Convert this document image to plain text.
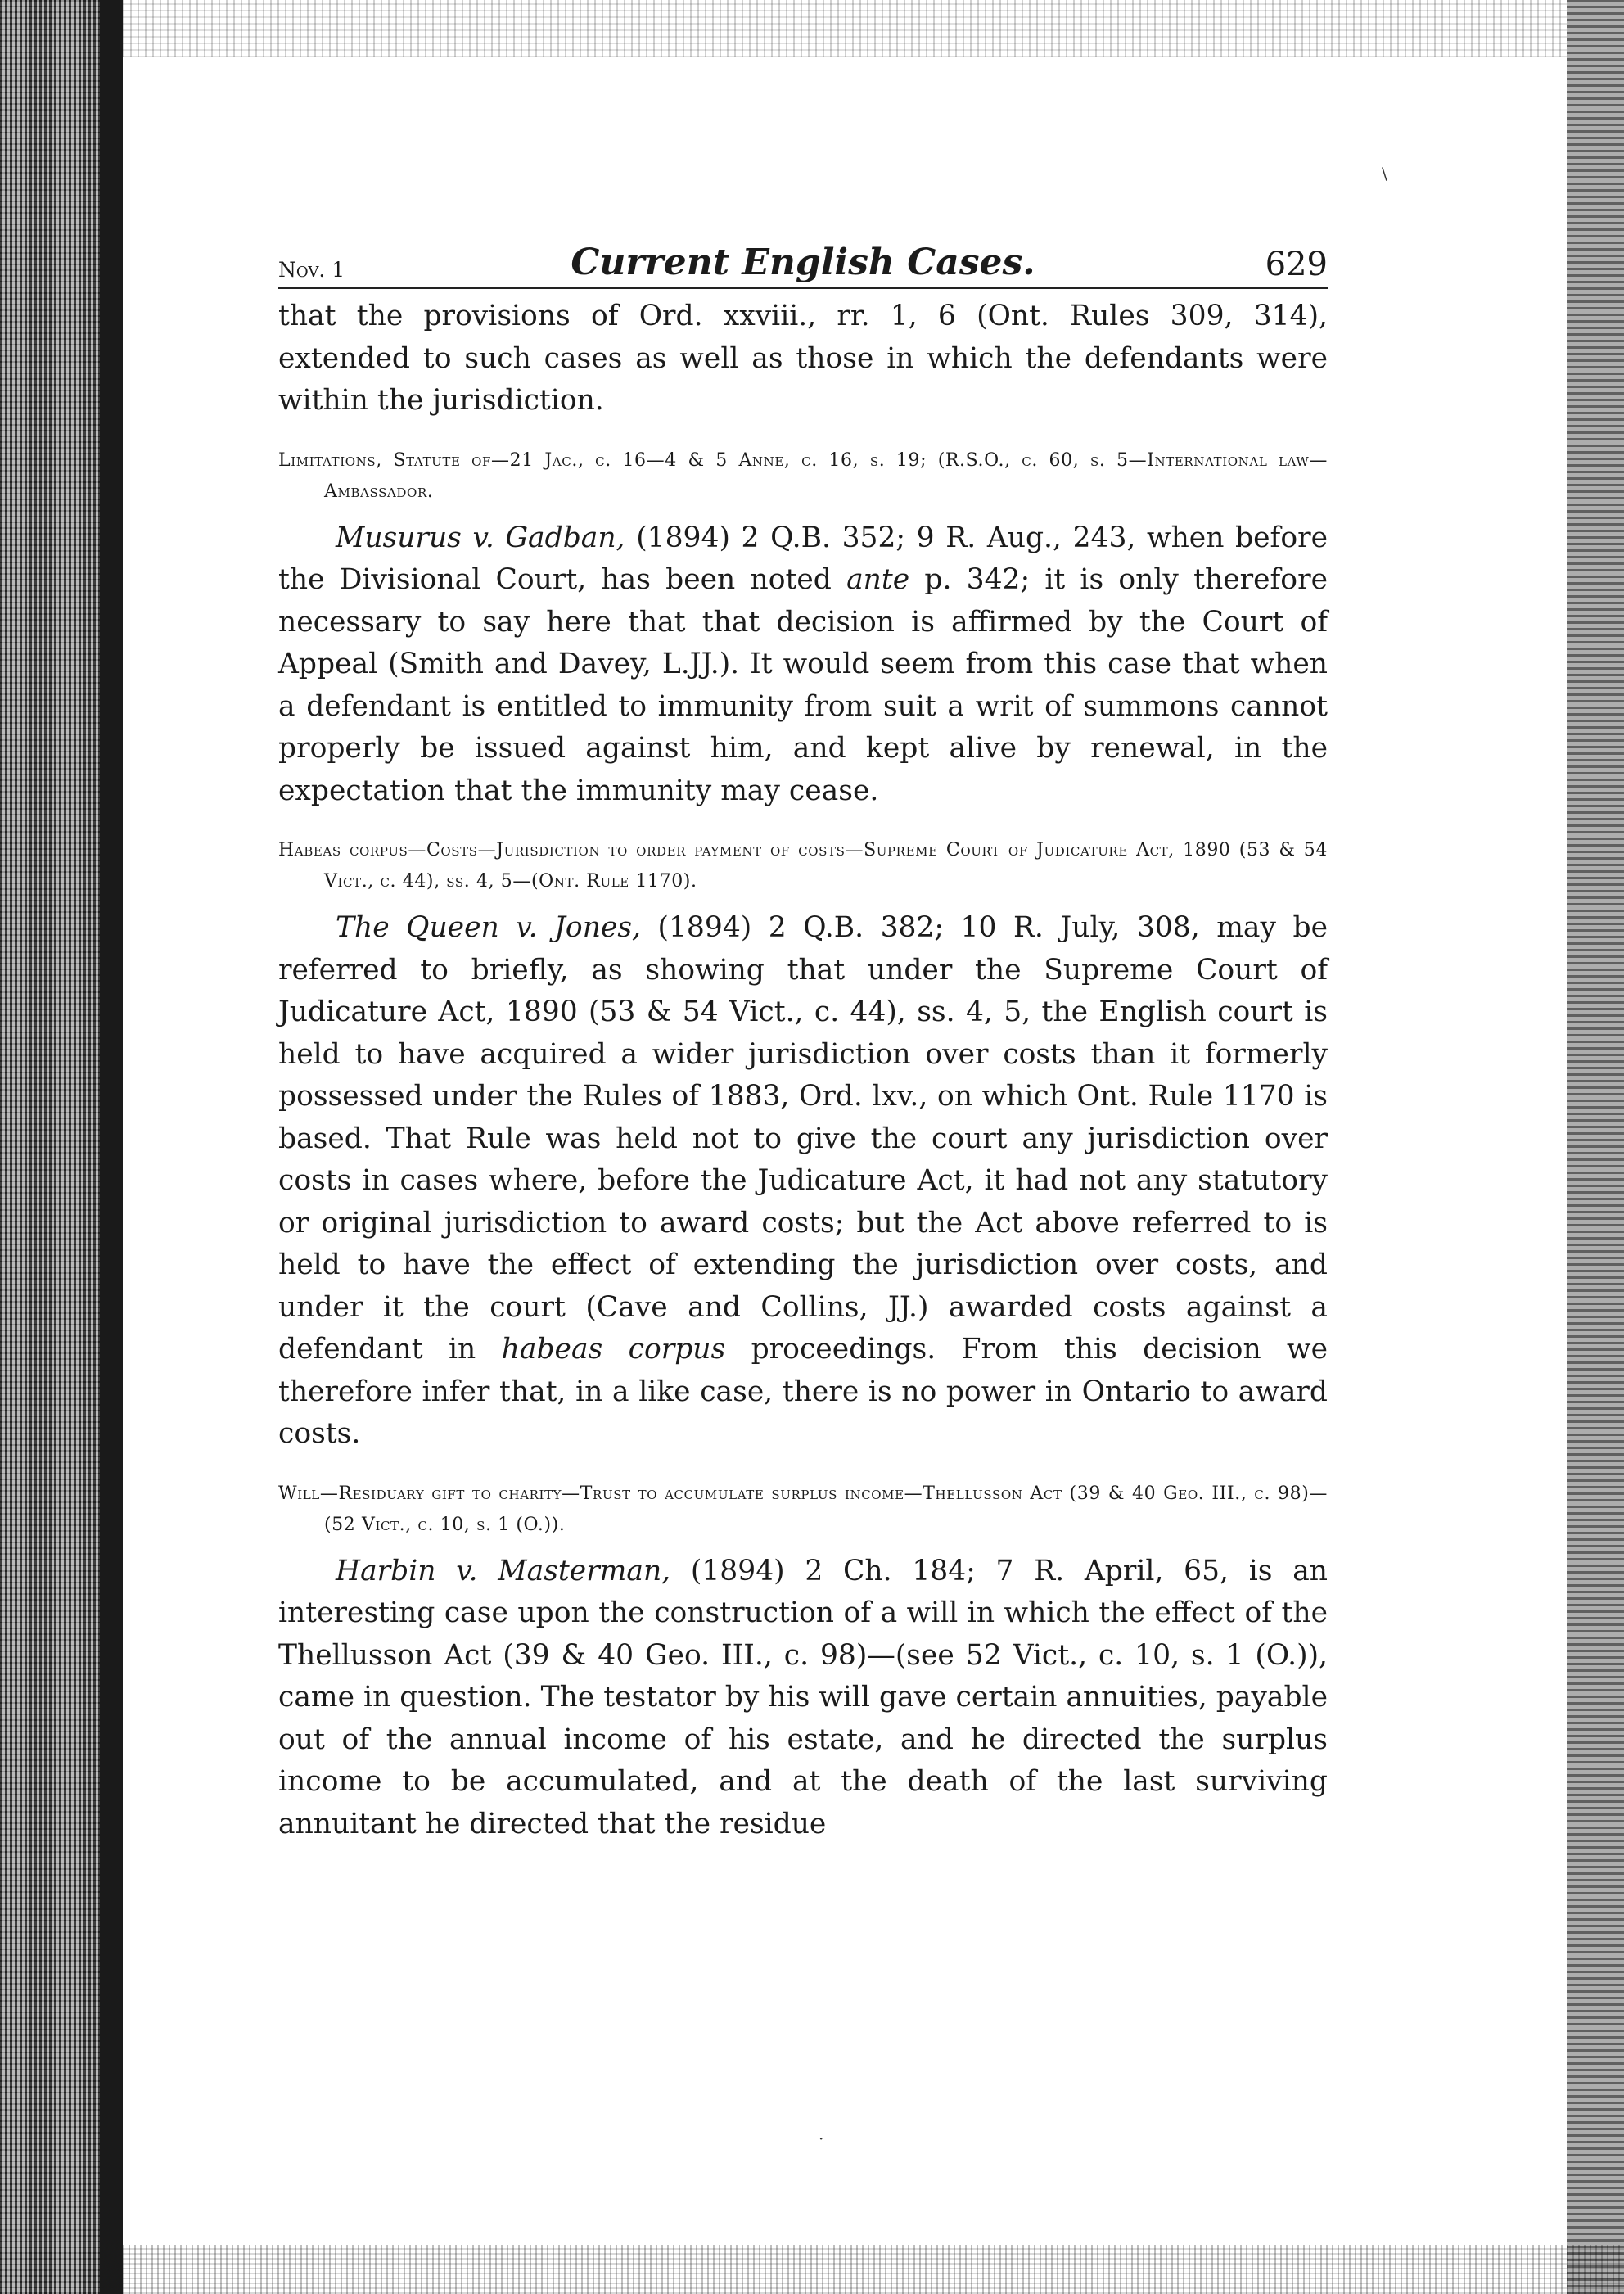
\
·
Nov. 1	Current English Cases.	629

that the provisions of Ord. xxviii., rr. 1, 6 (Ont. Rules 309, 314), extended to such cases as well as those in which the defendants were within the jurisdiction.

Limitations, Statute of—21 Jac., c. 16—4 & 5 Anne, c. 16, s. 19; (R.S.O., c. 60, s. 5—International law—Ambassador.

Musurus v. Gadban, (1894) 2 Q.B. 352; 9 R. Aug., 243, when before the Divisional Court, has been noted ante p. 342; it is only therefore necessary to say here that that decision is affirmed by the Court of Appeal (Smith and Davey, L.JJ.). It would seem from this case that when a defendant is entitled to immunity from suit a writ of summons cannot properly be issued against him, and kept alive by renewal, in the expectation that the immunity may cease.

Habeas corpus—Costs—Jurisdiction to order payment of costs—Supreme Court of Judicature Act, 1890 (53 & 54 Vict., c. 44), ss. 4, 5—(Ont. Rule 1170).

The Queen v. Jones, (1894) 2 Q.B. 382; 10 R. July, 308, may be referred to briefly, as showing that under the Supreme Court of Judicature Act, 1890 (53 & 54 Vict., c. 44), ss. 4, 5, the English court is held to have acquired a wider jurisdiction over costs than it formerly possessed under the Rules of 1883, Ord. lxv., on which Ont. Rule 1170 is based. That Rule was held not to give the court any jurisdiction over costs in cases where, before the Judicature Act, it had not any statutory or original jurisdiction to award costs; but the Act above referred to is held to have the effect of extending the jurisdiction over costs, and under it the court (Cave and Collins, JJ.) awarded costs against a defendant in habeas corpus proceedings. From this decision we therefore infer that, in a like case, there is no power in Ontario to award costs.

Will—Residuary gift to charity—Trust to accumulate surplus income—Thellusson Act (39 & 40 Geo. III., c. 98)—(52 Vict., c. 10, s. 1 (O.)).

Harbin v. Masterman, (1894) 2 Ch. 184; 7 R. April, 65, is an interesting case upon the construction of a will in which the effect of the Thellusson Act (39 & 40 Geo. III., c. 98)—(see 52 Vict., c. 10, s. 1 (O.)), came in question. The testator by his will gave certain annuities, payable out of the annual income of his estate, and he directed the surplus income to be accumulated, and at the death of the last surviving annuitant he directed that the residue
